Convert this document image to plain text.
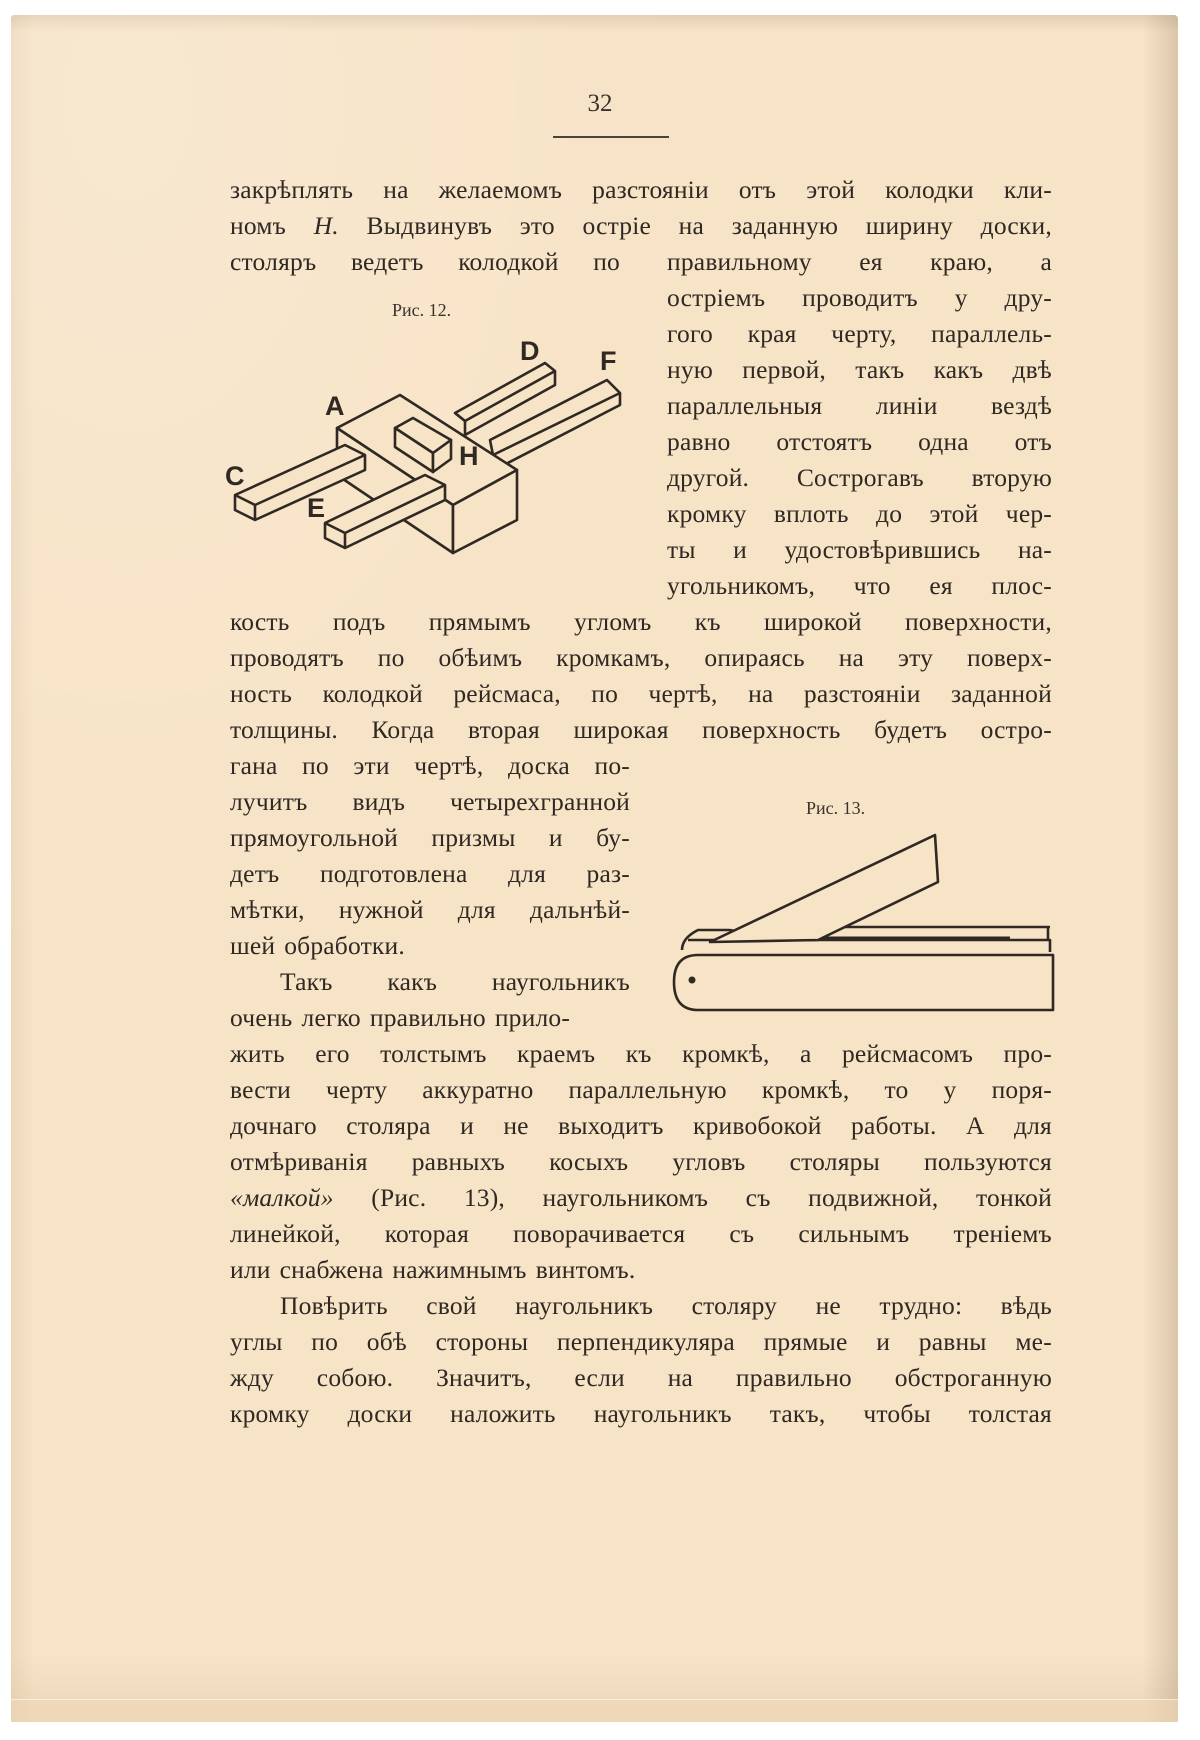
32
Рис. 12.
A
C
D
E
F
H
Рис. 13.
закрѣплять на желаемомъ разстояніи отъ этой колодки кли-
номъ H. Выдвинувъ это остріе на заданную ширину доски,
столяръ ведетъ колодкой по правильному ея краю, а
остріемъ проводитъ у дру-
гого края черту, параллель-
ную первой, такъ какъ двѣ
параллельныя линіи вездѣ
равно отстоятъ одна отъ
другой. Сострогавъ вторую
кромку вплоть до этой чер-
ты и удостовѣрившись на-
угольникомъ, что ея плос-
кость подъ прямымъ угломъ къ широкой поверхности,
проводятъ по обѣимъ кромкамъ, опираясь на эту поверх-
ность колодкой рейсмаса, по чертѣ, на разстояніи заданной
толщины. Когда вторая широкая поверхность будетъ остро-
гана по эти чертѣ, доска по-
лучитъ видъ четырехгранной
прямоугольной призмы и бу-
детъ подготовлена для раз-
мѣтки, нужной для дальнѣй-
шей обработки.
Такъ какъ наугольникъ
очень легко правильно прило-
жить его толстымъ краемъ къ кромкѣ, а рейсмасомъ про-
вести черту аккуратно параллельную кромкѣ, то у поря-
дочнаго столяра и не выходитъ кривобокой работы. А для
отмѣриванія равныхъ косыхъ угловъ столяры пользуются
«малкой» (Рис. 13), наугольникомъ съ подвижной, тонкой
линейкой, которая поворачивается съ сильнымъ треніемъ
или снабжена нажимнымъ винтомъ.
Повѣрить свой наугольникъ столяру не трудно: вѣдь
углы по обѣ стороны перпендикуляра прямые и равны ме-
жду собою. Значитъ, если на правильно обстроганную
кромку доски наложить наугольникъ такъ, чтобы толстая
